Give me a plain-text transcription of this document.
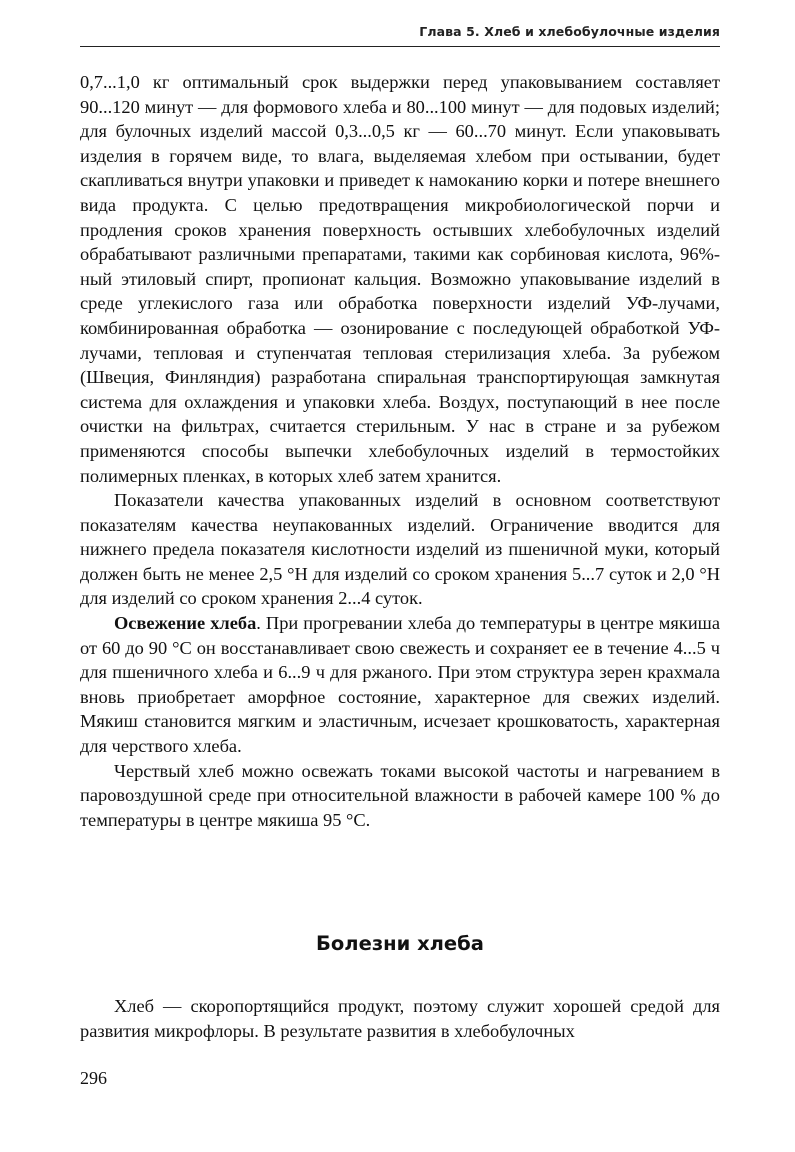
Глава 5. Хлеб и хлебобулочные изделия

0,7...1,0 кг оптимальный срок выдержки перед упаковыванием составляет 90...120 минут — для формового хлеба и 80...100 минут — для подовых изделий; для булочных изделий массой 0,3...0,5 кг — 60...70 минут. Если упаковывать изделия в горячем виде, то влага, выделяемая хлебом при остывании, будет скапливаться внутри упаковки и приведет к намоканию корки и потере внешнего вида продукта. С целью предотвращения микробиологической порчи и продления сроков хранения поверхность остывших хлебобулочных изделий обрабатывают различными препаратами, такими как сорбиновая кислота, 96%-ный этиловый спирт, пропионат кальция. Возможно упаковывание изделий в среде углекислого газа или обработка поверхности изделий УФ-лучами, комбинированная обработка — озонирование с последующей обработкой УФ-лучами, тепловая и ступенчатая тепловая стерилизация хлеба. За рубежом (Швеция, Финляндия) разработана спиральная транспортирующая замкнутая система для охлаждения и упаковки хлеба. Воздух, поступающий в нее после очистки на фильтрах, считается стерильным. У нас в стране и за рубежом применяются способы выпечки хлебобулочных изделий в термостойких полимерных пленках, в которых хлеб затем хранится.

Показатели качества упакованных изделий в основном соответствуют показателям качества неупакованных изделий. Ограничение вводится для нижнего предела показателя кислотности изделий из пшеничной муки, который должен быть не менее 2,5 °Н для изделий со сроком хранения 5...7 суток и 2,0 °Н для изделий со сроком хранения 2...4 суток.

Освежение хлеба. При прогревании хлеба до температуры в центре мякиша от 60 до 90 °С он восстанавливает свою свежесть и сохраняет ее в течение 4...5 ч для пшеничного хлеба и 6...9 ч для ржаного. При этом структура зерен крахмала вновь приобретает аморфное состояние, характерное для свежих изделий. Мякиш становится мягким и эластичным, исчезает крошковатость, характерная для черствого хлеба.

Черствый хлеб можно освежать токами высокой частоты и нагреванием в паровоздушной среде при относительной влажности в рабочей камере 100 % до температуры в центре мякиша 95 °С.

Болезни хлеба

Хлеб — скоропортящийся продукт, поэтому служит хорошей средой для развития микрофлоры. В результате развития в хлебобулочных

296
